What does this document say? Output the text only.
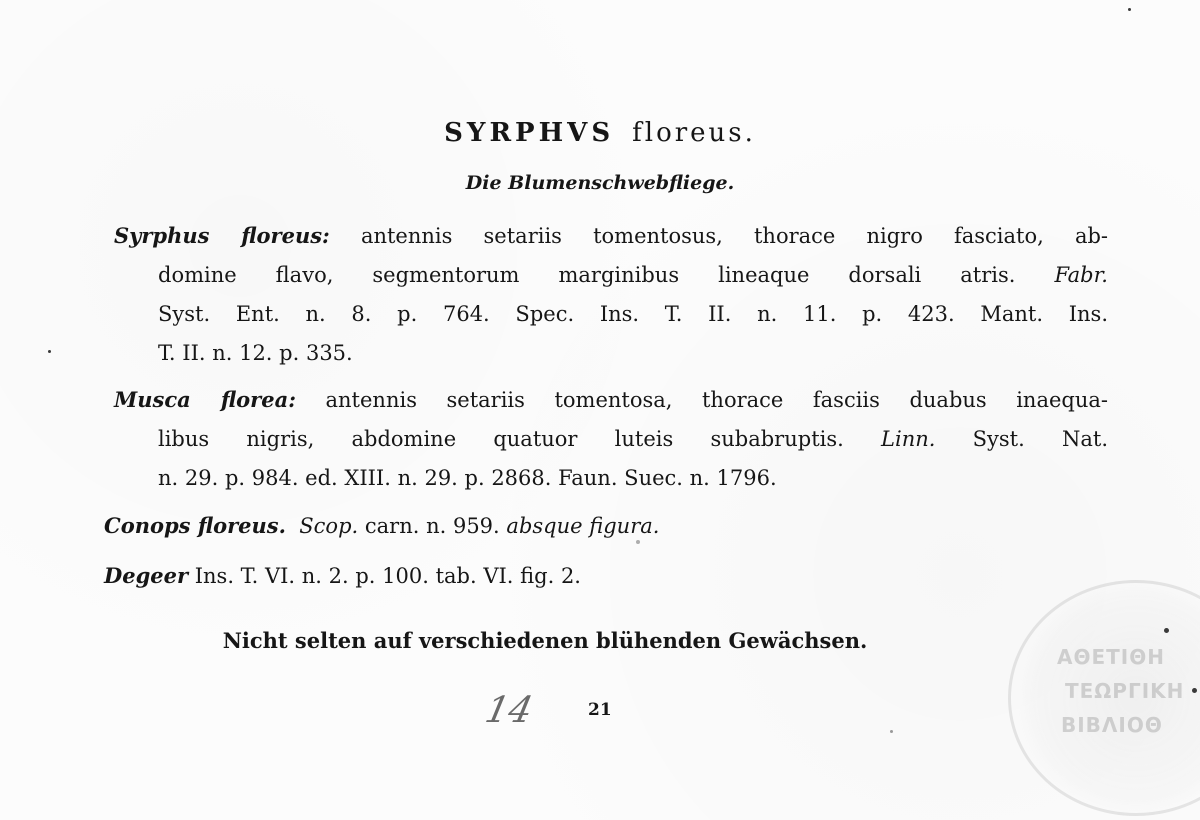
SYRPHVS floreus.
Die Blumenschwebfliege.
Syrphus floreus: antennis setariis tomentosus, thorace nigro fasciato, ab-
domine flavo, segmentorum marginibus lineaque dorsali atris. Fabr.
Syst. Ent. n. 8. p. 764. Spec. Ins. T. II. n. 11. p. 423. Mant. Ins.
T. II. n. 12. p. 335.
Musca florea: antennis setariis tomentosa, thorace fasciis duabus inaequa-
libus nigris, abdomine quatuor luteis subabruptis. Linn. Syst. Nat.
n. 29. p. 984. ed. XIII. n. 29. p. 2868. Faun. Suec. n. 1796.
Conops floreus. Scop. carn. n. 959. absque figura.
Degeer Ins. T. VI. n. 2. p. 100. tab. VI. fig. 2.
Nicht selten auf verschiedenen blühenden Gewächsen.
14	21
ΑΘΕΤΙΘΗ
ΤΕΩΡΓΙΚΗ
ΒΙΒΛΙΟΘ
